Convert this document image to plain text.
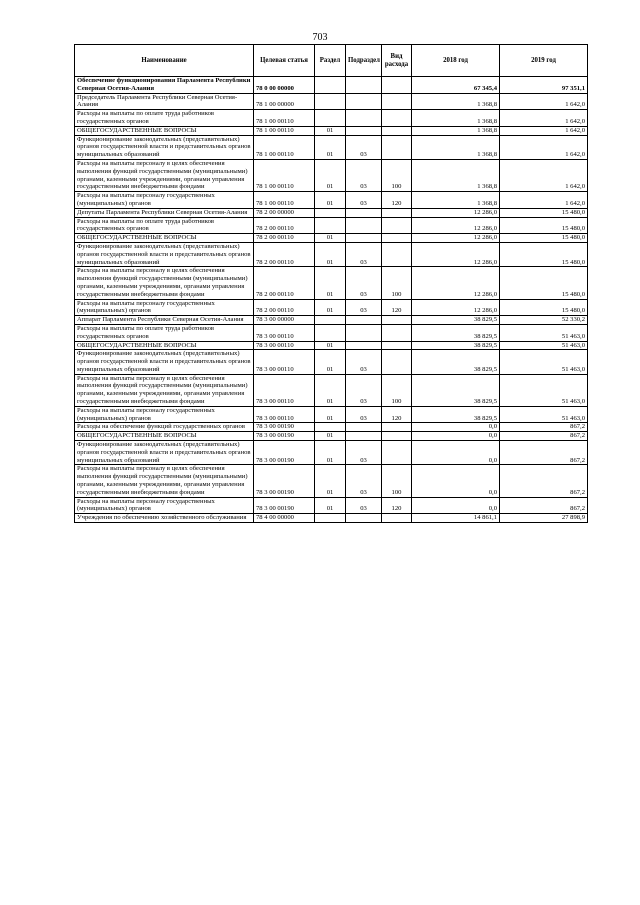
703
Наименование	Целевая статья	Раздел	Подраздел	Вид расхода	2018 год	2019 год
Обеспечение функционирования Парламента Республики Северная Осетия-Алания	78 0 00 00000				67 345,4	97 351,1
Председатель Парламента Республики Северная Осетия-Алания	78 1 00 00000				1 368,8	1 642,0
Расходы на выплаты по оплате труда работников государственных органов	78 1 00 00110				1 368,8	1 642,0
ОБЩЕГОСУДАРСТВЕННЫЕ ВОПРОСЫ	78 1 00 00110	01			1 368,8	1 642,0
Функционирование законодательных (представительных) органов государственной власти и представительных органов муниципальных образований	78 1 00 00110	01	03		1 368,8	1 642,0
Расходы на выплаты персоналу в целях обеспечения выполнения функций государственными (муниципальными) органами, казенными учреждениями, органами управления государственными внебюджетными фондами	78 1 00 00110	01	03	100	1 368,8	1 642,0
Расходы на выплаты персоналу государственных (муниципальных) органов	78 1 00 00110	01	03	120	1 368,8	1 642,0
Депутаты Парламента Республики Северная Осетия-Алания	78 2 00 00000				12 286,0	15 480,0
Расходы на выплаты по оплате труда работников государственных органов	78 2 00 00110				12 286,0	15 480,0
ОБЩЕГОСУДАРСТВЕННЫЕ ВОПРОСЫ	78 2 00 00110	01			12 286,0	15 480,0
Функционирование законодательных (представительных) органов государственной власти и представительных органов муниципальных образований	78 2 00 00110	01	03		12 286,0	15 480,0
Расходы на выплаты персоналу в целях обеспечения выполнения функций государственными (муниципальными) органами, казенными учреждениями, органами управления государственными внебюджетными фондами	78 2 00 00110	01	03	100	12 286,0	15 480,0
Расходы на выплаты персоналу государственных (муниципальных) органов	78 2 00 00110	01	03	120	12 286,0	15 480,0
Аппарат Парламента Республики Северная Осетия-Алания	78 3 00 00000				38 829,5	52 330,2
Расходы на выплаты по оплате труда работников государственных органов	78 3 00 00110				38 829,5	51 463,0
ОБЩЕГОСУДАРСТВЕННЫЕ ВОПРОСЫ	78 3 00 00110	01			38 829,5	51 463,0
Функционирование законодательных (представительных) органов государственной власти и представительных органов муниципальных образований	78 3 00 00110	01	03		38 829,5	51 463,0
Расходы на выплаты персоналу в целях обеспечения выполнения функций государственными (муниципальными) органами, казенными учреждениями, органами управления государственными внебюджетными фондами	78 3 00 00110	01	03	100	38 829,5	51 463,0
Расходы на выплаты персоналу государственных (муниципальных) органов	78 3 00 00110	01	03	120	38 829,5	51 463,0
Расходы на обеспечение функций государственных органов	78 3 00 00190				0,0	867,2
ОБЩЕГОСУДАРСТВЕННЫЕ ВОПРОСЫ	78 3 00 00190	01			0,0	867,2
Функционирование законодательных (представительных) органов государственной власти и представительных органов муниципальных образований	78 3 00 00190	01	03		0,0	867,2
Расходы на выплаты персоналу в целях обеспечения выполнения функций государственными (муниципальными) органами, казенными учреждениями, органами управления государственными внебюджетными фондами	78 3 00 00190	01	03	100	0,0	867,2
Расходы на выплаты персоналу государственных (муниципальных) органов	78 3 00 00190	01	03	120	0,0	867,2
Учреждения по обеспечению хозяйственного обслуживания	78 4 00 00000				14 861,1	27 898,9
